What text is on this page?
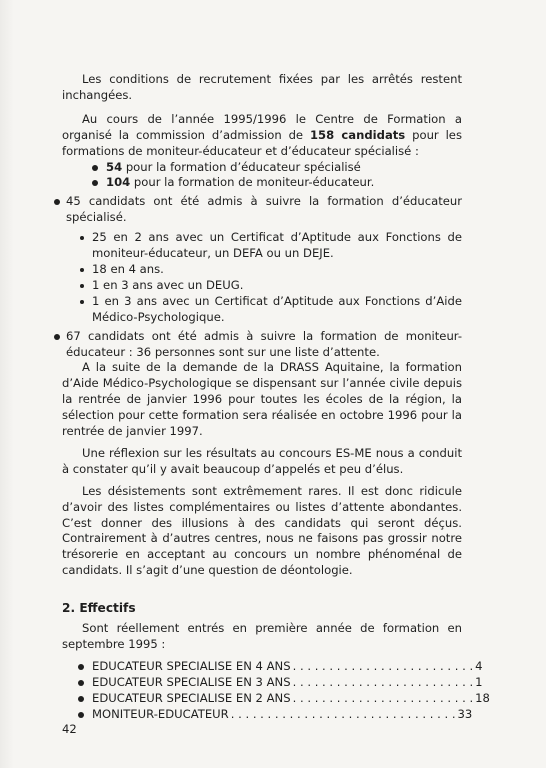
Les conditions de recrutement fixées par les arrêtés restent inchangées.

Au cours de l’année 1995/1996 le Centre de Formation a organisé la commission d’admission de 158 candidats pour les formations de moniteur-éducateur et d’éducateur spécialisé :

54 pour la formation d’éducateur spécialisé
104 pour la formation de moniteur-éducateur.
45 candidats ont été admis à suivre la formation d’éducateur spécialisé.
25 en 2 ans avec un Certificat d’Aptitude aux Fonctions de moniteur-éducateur, un DEFA ou un DEJE.
18 en 4 ans.
1 en 3 ans avec un DEUG.
1 en 3 ans avec un Certificat d’Aptitude aux Fonctions d’Aide Médico-Psychologique.
67 candidats ont été admis à suivre la formation de moniteur-éducateur : 36 personnes sont sur une liste d’attente.

A la suite de la demande de la DRASS Aquitaine, la formation d’Aide Médico-Psychologique se dispensant sur l’année civile depuis la rentrée de janvier 1996 pour toutes les écoles de la région, la sélection pour cette formation sera réalisée en octobre 1996 pour la rentrée de janvier 1997.

Une réflexion sur les résultats au concours ES-ME nous a conduit à constater qu’il y avait beaucoup d’appelés et peu d’élus.

Les désistements sont extrêmement rares. Il est donc ridicule d’avoir des listes complémentaires ou listes d’attente abondantes. C’est donner des illusions à des candidats qui seront déçus. Contrairement à d’autres centres, nous ne faisons pas grossir notre trésorerie en acceptant au concours un nombre phénoménal de candidats. Il s’agit d’une question de déontologie.

2. Effectifs

Sont réellement entrés en première année de formation en septembre 1995 :

EDUCATEUR SPECIALISE EN 4 ANS . . . . . . . . . . . . . . . . . . . . . . . . . 4
EDUCATEUR SPECIALISE EN 3 ANS . . . . . . . . . . . . . . . . . . . . . . . . . 1
EDUCATEUR SPECIALISE EN 2 ANS . . . . . . . . . . . . . . . . . . . . . . . . . 18
MONITEUR-EDUCATEUR . . . . . . . . . . . . . . . . . . . . . . . . . . . . . . . 33
42
